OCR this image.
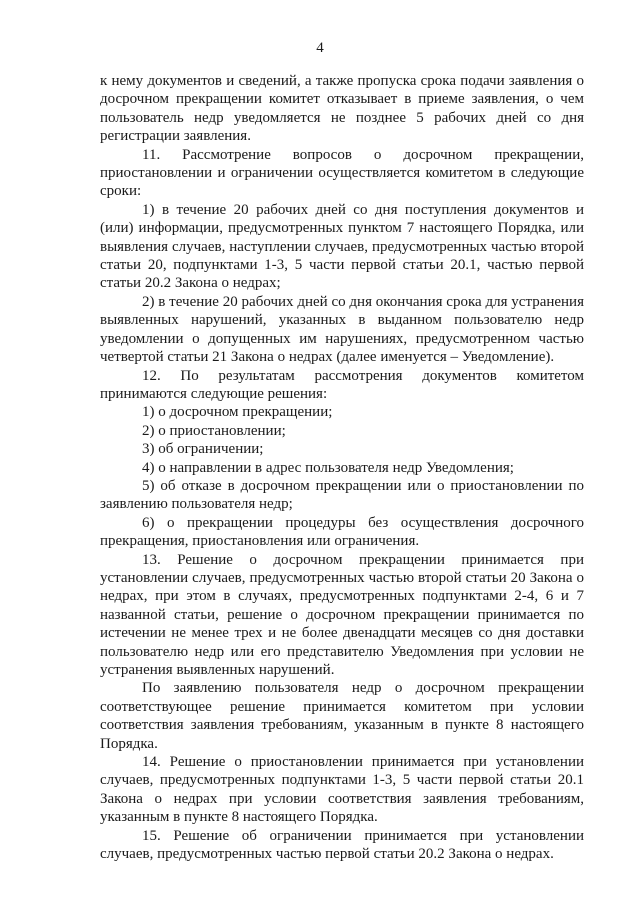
4

к нему документов и сведений, а также пропуска срока подачи заявления о досрочном прекращении комитет отказывает в приеме заявления, о чем пользователь недр уведомляется не позднее 5 рабочих дней со дня регистрации заявления.

11. Рассмотрение вопросов о досрочном прекращении, приостановлении и ограничении осуществляется комитетом в следующие сроки:

1) в течение 20 рабочих дней со дня поступления документов и (или) информации, предусмотренных пунктом 7 настоящего Порядка, или выявления случаев, наступлении случаев, предусмотренных частью второй статьи 20, подпунктами 1-3, 5 части первой статьи 20.1, частью первой статьи 20.2 Закона о недрах;

2) в течение 20 рабочих дней со дня окончания срока для устранения выявленных нарушений, указанных в выданном пользователю недр уведомлении о допущенных им нарушениях, предусмотренном частью четвертой статьи 21 Закона о недрах (далее именуется – Уведомление).

12. По результатам рассмотрения документов комитетом принимаются следующие решения:

1) о досрочном прекращении;

2) о приостановлении;

3) об ограничении;

4) о направлении в адрес пользователя недр Уведомления;

5) об отказе в досрочном прекращении или о приостановлении по заявлению пользователя недр;

6) о прекращении процедуры без осуществления досрочного прекращения, приостановления или ограничения.

13. Решение о досрочном прекращении принимается при установлении случаев, предусмотренных частью второй статьи 20 Закона о недрах, при этом в случаях, предусмотренных подпунктами 2-4, 6 и 7 названной статьи, решение о досрочном прекращении принимается по истечении не менее трех и не более двенадцати месяцев со дня доставки пользователю недр или его представителю Уведомления при условии не устранения выявленных нарушений.

По заявлению пользователя недр о досрочном прекращении соответствующее решение принимается комитетом при условии соответствия заявления требованиям, указанным в пункте 8 настоящего Порядка.

14. Решение о приостановлении принимается при установлении случаев, предусмотренных подпунктами 1-3, 5 части первой статьи 20.1 Закона о недрах при условии соответствия заявления требованиям, указанным в пункте 8 настоящего Порядка.

15. Решение об ограничении принимается при установлении случаев, предусмотренных частью первой статьи 20.2 Закона о недрах.
